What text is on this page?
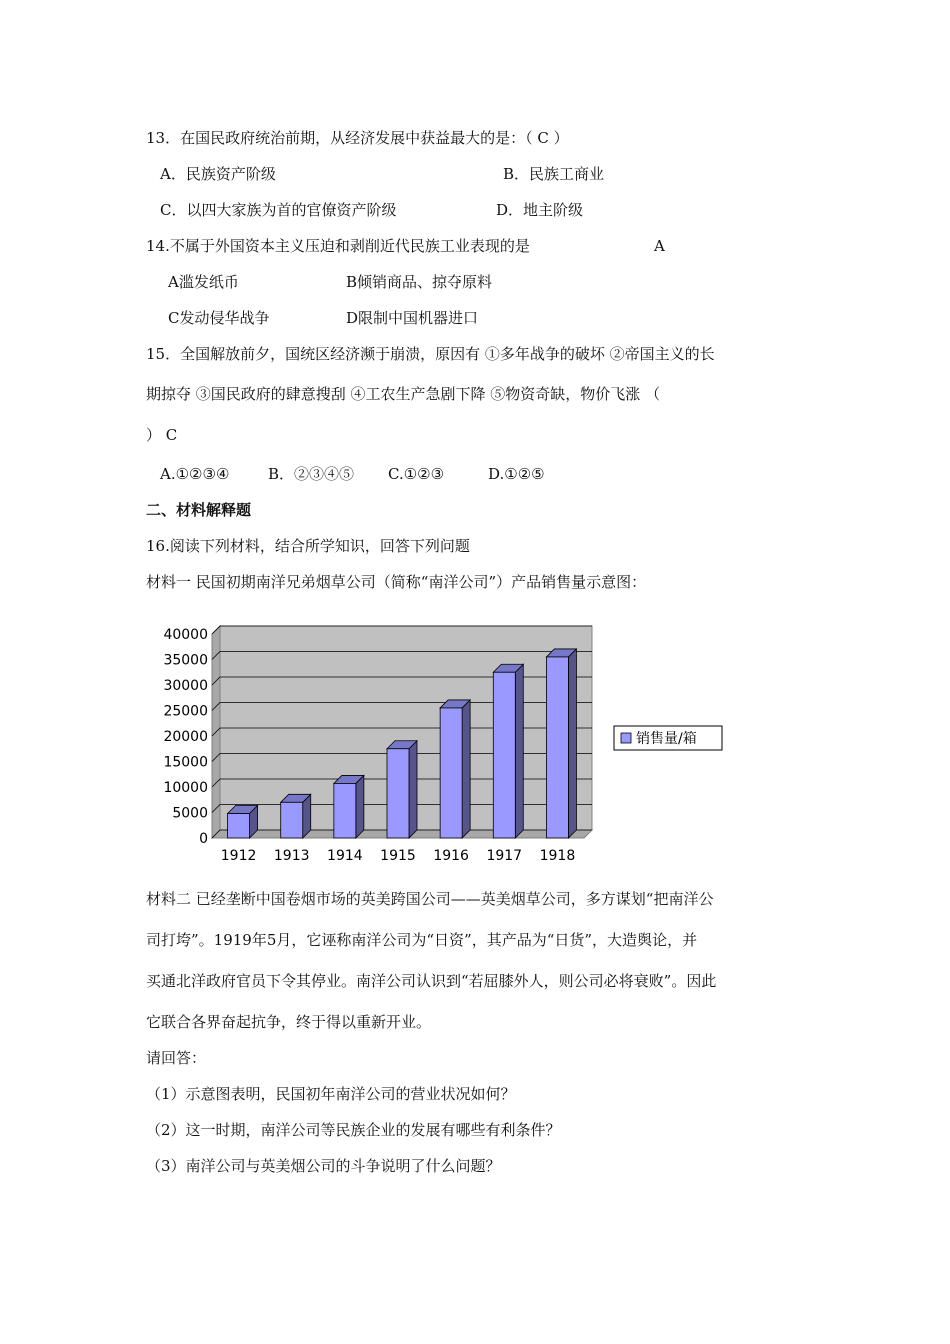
13．在国民政府统治前期，从经济发展中获益最大的是：（ C ）
A．民族资产阶级	B．民族工商业
C．以四大家族为首的官僚资产阶级	D．地主阶级
14.不属于外国资本主义压迫和剥削近代民族工业表现的是	A
A滥发纸币	B倾销商品、掠夺原料
C发动侵华战争	D限制中国机器进口
15．全国解放前夕，国统区经济濒于崩溃，原因有 ①多年战争的破坏 ②帝国主义的长
期掠夺 ③国民政府的肆意搜刮 ④工农生产急剧下降 ⑤物资奇缺，物价飞涨 （
） C
A.①②③④	B．②③④⑤ C.①②③	D.①②⑤
二、材料解释题
16.阅读下列材料，结合所学知识，回答下列问题
材料一 民国初期南洋兄弟烟草公司（简称“南洋公司”）产品销售量示意图：
0
5000
10000
15000
20000
25000
30000
35000
40000
1912 1913 1914 1915 1916 1917 1918
销售量/箱
材料二 已经垄断中国卷烟市场的英美跨国公司——英美烟草公司，多方谋划“把南洋公
司打垮”。1919年5月，它诬称南洋公司为“日资”，其产品为“日货”，大造舆论，并
买通北洋政府官员下令其停业。南洋公司认识到“若屈膝外人，则公司必将衰败”。因此
它联合各界奋起抗争，终于得以重新开业。
请回答：
（1）示意图表明，民国初年南洋公司的营业状况如何？
（2）这一时期，南洋公司等民族企业的发展有哪些有利条件？
（3）南洋公司与英美烟公司的斗争说明了什么问题？
